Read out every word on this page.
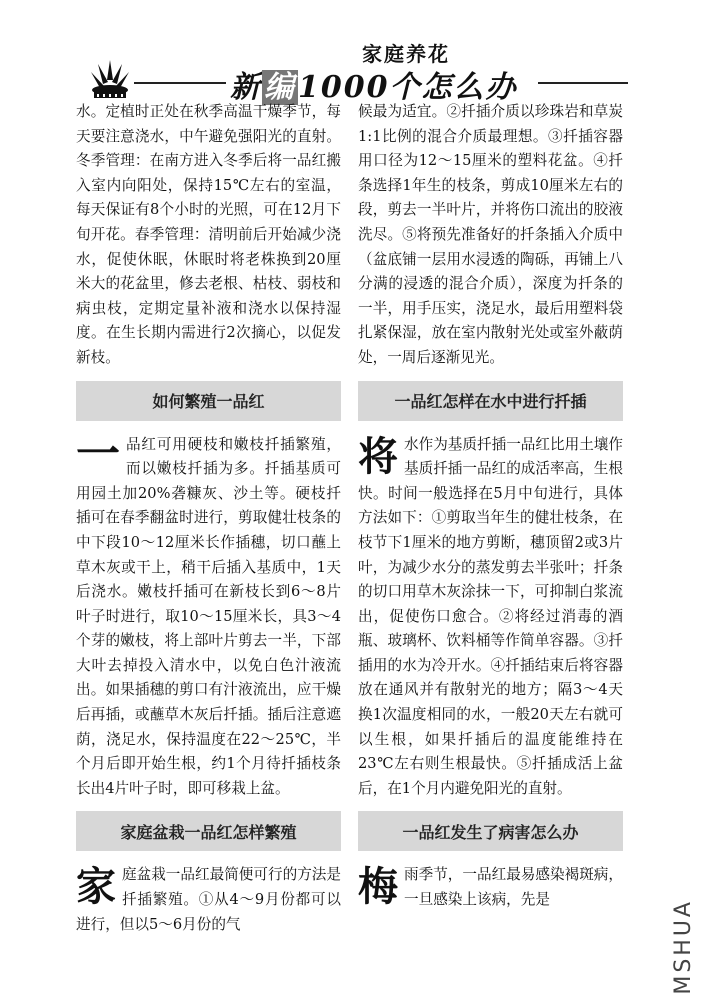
家庭养花
新编1000个怎么办

水。定植时正处在秋季高温干燥季节，每天要注意浇水，中午避免强阳光的直射。冬季管理：在南方进入冬季后将一品红搬入室内向阳处，保持15℃左右的室温，每天保证有8个小时的光照，可在12月下旬开花。春季管理：清明前后开始减少浇水，促使休眠，休眠时将老株换到20厘米大的花盆里，修去老根、枯枝、弱枝和病虫枝，定期定量补液和浇水以保持湿度。在生长期内需进行2次摘心，以促发新枝。

如何繁殖一品红

一品红可用硬枝和嫩枝扦插繁殖，而以嫩枝扦插为多。扦插基质可用园土加20%砻糠灰、沙土等。硬枝扦插可在春季翻盆时进行，剪取健壮枝条的中下段10～12厘米长作插穗，切口蘸上草木灰或干上，稍干后插入基质中，1天后浇水。嫩枝扦插可在新枝长到6～8片叶子时进行，取10～15厘米长，具3～4个芽的嫩枝，将上部叶片剪去一半，下部大叶去掉投入清水中，以免白色汁液流出。如果插穗的剪口有汁液流出，应干燥后再插，或蘸草木灰后扦插。插后注意遮荫，浇足水，保持温度在22～25℃，半个月后即开始生根，约1个月待扦插枝条长出4片叶子时，即可移栽上盆。

家庭盆栽一品红怎样繁殖

家庭盆栽一品红最简便可行的方法是扦插繁殖。①从4～9月份都可以进行，但以5～6月份的气

候最为适宜。②扦插介质以珍珠岩和草炭1:1比例的混合介质最理想。③扦插容器用口径为12～15厘米的塑料花盆。④扦条选择1年生的枝条，剪成10厘米左右的段，剪去一半叶片，并将伤口流出的胶液洗尽。⑤将预先准备好的扦条插入介质中（盆底铺一层用水浸透的陶砾，再铺上八分满的浸透的混合介质），深度为扦条的一半，用手压实，浇足水，最后用塑料袋扎紧保湿，放在室内散射光处或室外蔽荫处，一周后逐渐见光。

一品红怎样在水中进行扦插

将水作为基质扦插一品红比用土壤作基质扦插一品红的成活率高，生根快。时间一般选择在5月中旬进行，具体方法如下：①剪取当年生的健壮枝条，在枝节下1厘米的地方剪断，穗顶留2或3片叶，为减少水分的蒸发剪去半张叶；扦条的切口用草木灰涂抹一下，可抑制白浆流出，促使伤口愈合。②将经过消毒的酒瓶、玻璃杯、饮料桶等作简单容器。③扦插用的水为冷开水。④扦插结束后将容器放在通风并有散射光的地方；隔3～4天换1次温度相同的水，一般20天左右就可以生根，如果扦插后的温度能维持在23℃左右则生根最快。⑤扦插成活上盆后，在1个月内避免阳光的直射。

一品红发生了病害怎么办

梅雨季节，一品红最易感染褐斑病，一旦感染上该病，先是	MSHUA
